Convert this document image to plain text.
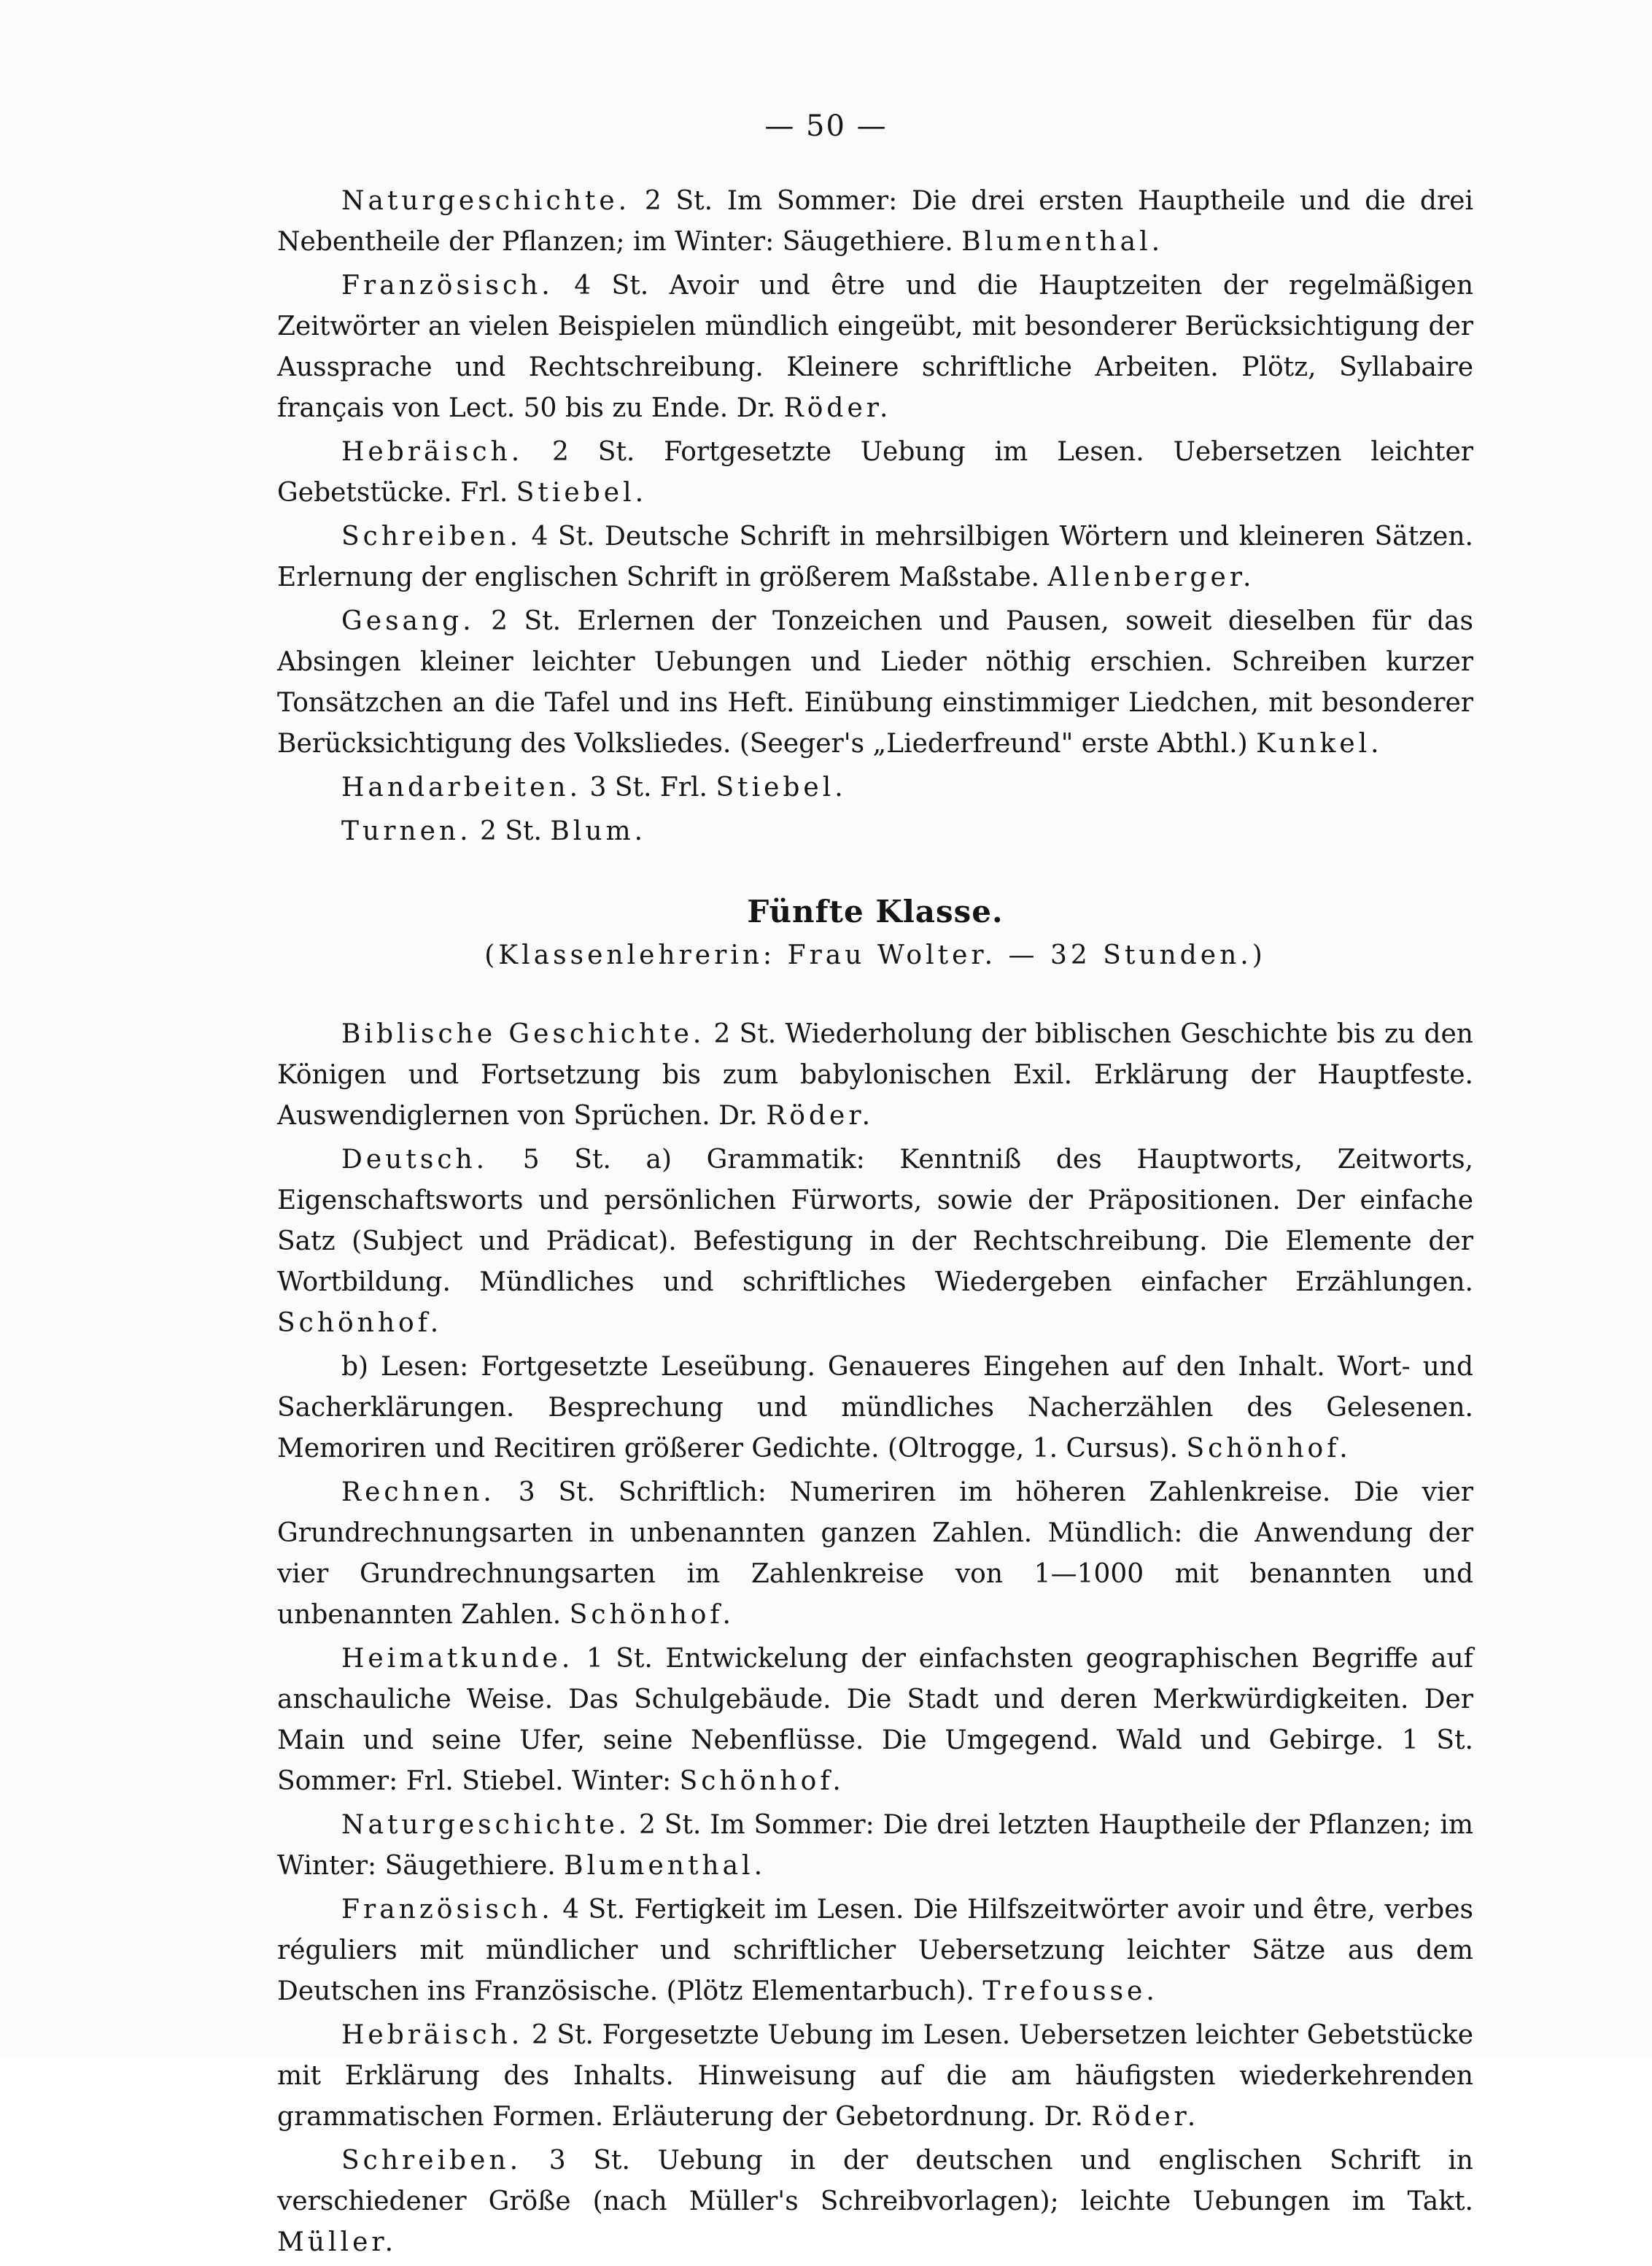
— 50 —

Naturgeschichte. 2 St. Im Sommer: Die drei ersten Hauptheile und die drei Nebentheile der Pflanzen; im Winter: Säugethiere. Blumenthal.

Französisch. 4 St. Avoir und être und die Hauptzeiten der regelmäßigen Zeitwörter an vielen Beispielen mündlich eingeübt, mit besonderer Berücksichtigung der Aussprache und Rechtschreibung. Kleinere schriftliche Arbeiten. Plötz, Syllabaire français von Lect. 50 bis zu Ende. Dr. Röder.

Hebräisch. 2 St. Fortgesetzte Uebung im Lesen. Uebersetzen leichter Gebetstücke. Frl. Stiebel.

Schreiben. 4 St. Deutsche Schrift in mehrsilbigen Wörtern und kleineren Sätzen. Erlernung der englischen Schrift in größerem Maßstabe. Allenberger.

Gesang. 2 St. Erlernen der Tonzeichen und Pausen, soweit dieselben für das Absingen kleiner leichter Uebungen und Lieder nöthig erschien. Schreiben kurzer Tonsätzchen an die Tafel und ins Heft. Einübung einstimmiger Liedchen, mit besonderer Berücksichtigung des Volksliedes. (Seeger's „Liederfreund" erste Abthl.) Kunkel.

Handarbeiten. 3 St. Frl. Stiebel.

Turnen. 2 St. Blum.

Fünfte Klasse.

(Klassenlehrerin: Frau Wolter. — 32 Stunden.)

Biblische Geschichte. 2 St. Wiederholung der biblischen Geschichte bis zu den Königen und Fortsetzung bis zum babylonischen Exil. Erklärung der Hauptfeste. Auswendiglernen von Sprüchen. Dr. Röder.

Deutsch. 5 St. a) Grammatik: Kenntniß des Hauptworts, Zeitworts, Eigenschaftsworts und persönlichen Fürworts, sowie der Präpositionen. Der einfache Satz (Subject und Prädicat). Befestigung in der Rechtschreibung. Die Elemente der Wortbildung. Mündliches und schriftliches Wiedergeben einfacher Erzählungen. Schönhof.

b) Lesen: Fortgesetzte Leseübung. Genaueres Eingehen auf den Inhalt. Wort- und Sacherklärungen. Besprechung und mündliches Nacherzählen des Gelesenen. Memoriren und Recitiren größerer Gedichte. (Oltrogge, 1. Cursus). Schönhof.

Rechnen. 3 St. Schriftlich: Numeriren im höheren Zahlenkreise. Die vier Grundrechnungsarten in unbenannten ganzen Zahlen. Mündlich: die Anwendung der vier Grundrechnungsarten im Zahlenkreise von 1—1000 mit benannten und unbenannten Zahlen. Schönhof.

Heimatkunde. 1 St. Entwickelung der einfachsten geographischen Begriffe auf anschauliche Weise. Das Schulgebäude. Die Stadt und deren Merkwürdigkeiten. Der Main und seine Ufer, seine Nebenflüsse. Die Umgegend. Wald und Gebirge. 1 St. Sommer: Frl. Stiebel. Winter: Schönhof.

Naturgeschichte. 2 St. Im Sommer: Die drei letzten Hauptheile der Pflanzen; im Winter: Säugethiere. Blumenthal.

Französisch. 4 St. Fertigkeit im Lesen. Die Hilfszeitwörter avoir und être, verbes réguliers mit mündlicher und schriftlicher Uebersetzung leichter Sätze aus dem Deutschen ins Französische. (Plötz Elementarbuch). Trefousse.

Hebräisch. 2 St. Forgesetzte Uebung im Lesen. Uebersetzen leichter Gebetstücke mit Erklärung des Inhalts. Hinweisung auf die am häufigsten wiederkehrenden grammatischen Formen. Erläuterung der Gebetordnung. Dr. Röder.

Schreiben. 3 St. Uebung in der deutschen und englischen Schrift in verschiedener Größe (nach Müller's Schreibvorlagen); leichte Uebungen im Takt. Müller.
